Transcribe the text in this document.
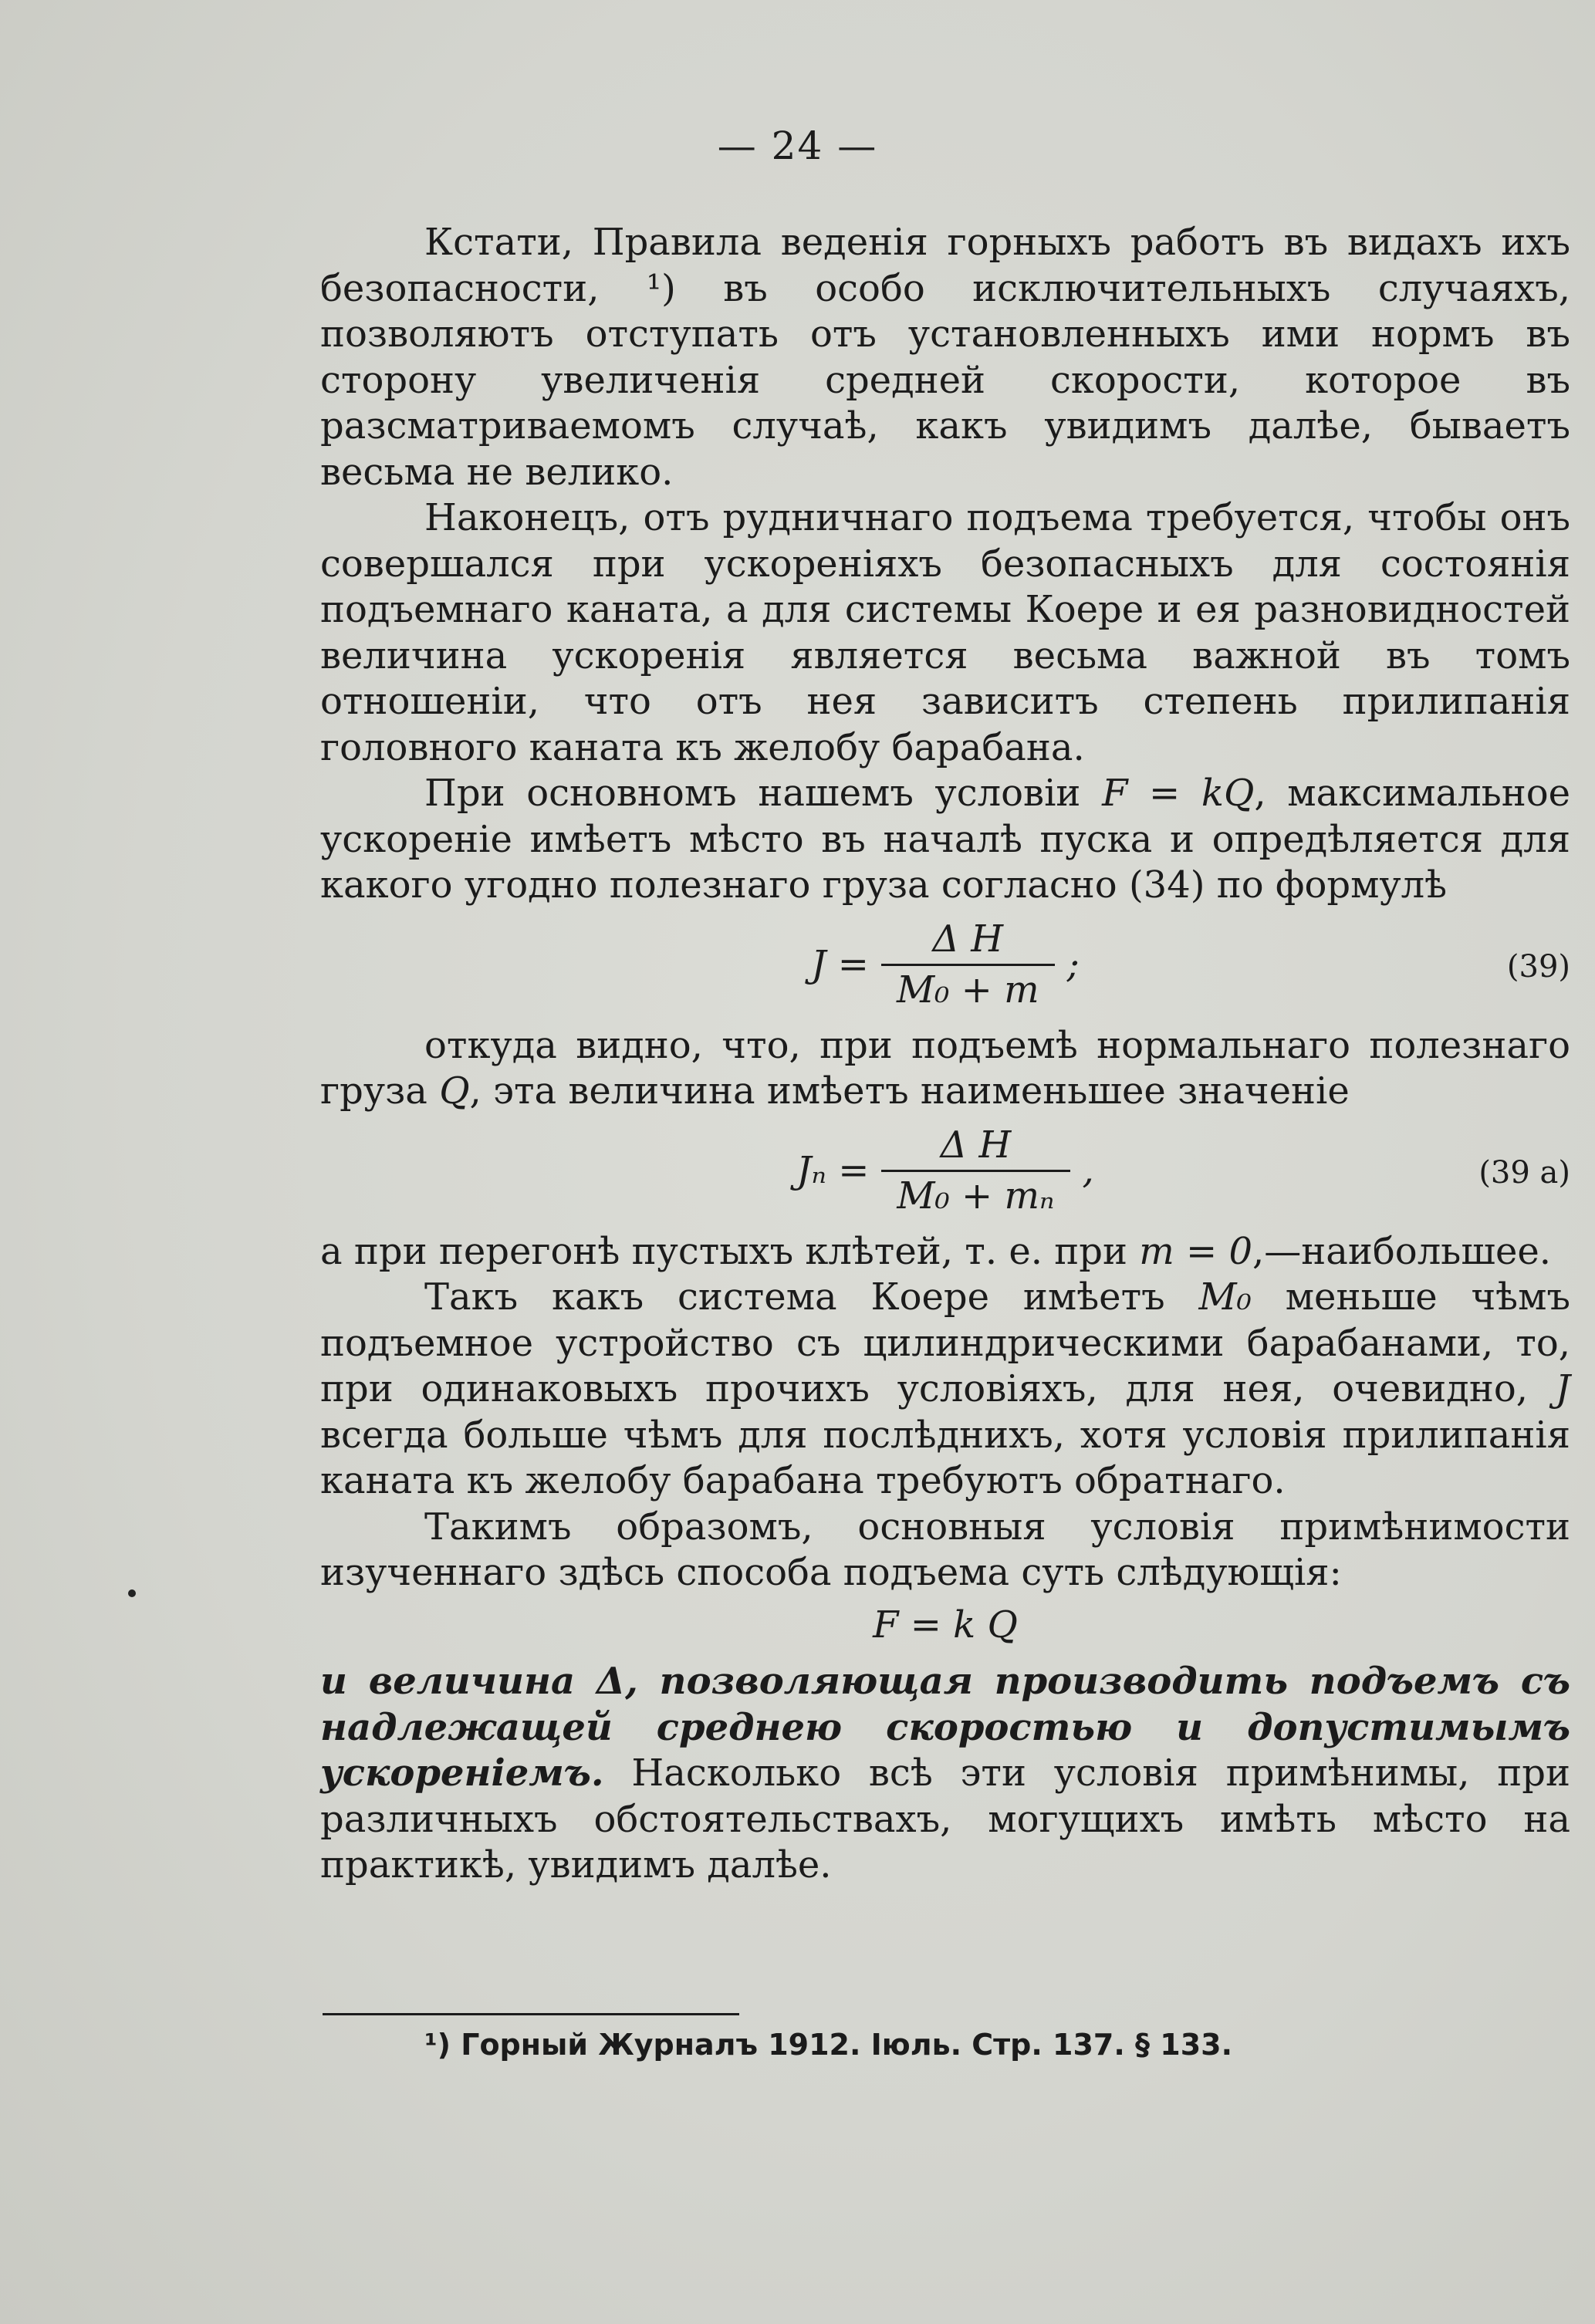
— 24 —

Кстати, Правила веденія горныхъ работъ въ видахъ ихъ безопасности, ¹) въ особо исключительныхъ случаяхъ, позволяютъ отступать отъ установленныхъ ими нормъ въ сторону увеличенія средней скорости, которое въ разсматриваемомъ случаѣ, какъ увидимъ далѣе, бываетъ весьма не велико.

Наконецъ, отъ рудничнаго подъема требуется, чтобы онъ совершался при ускореніяхъ безопасныхъ для состоянія подъемнаго каната, а для системы Коере и ея разновидностей величина ускоренія является весьма важной въ томъ отношеніи, что отъ нея зависитъ степень прилипанія головного каната къ желобу барабана.

При основномъ нашемъ условіи F = kQ, максимальное ускореніе имѣетъ мѣсто въ началѣ пуска и опредѣляется для какого угодно полезнаго груза согласно (34) по формулѣ

$J = \frac{\text{Δ H}}{\text{M₀ + m}}$ ;	(39)

откуда видно, что, при подъемѣ нормальнаго полезнаго груза Q, эта величина имѣетъ наименьшее значеніе

$J_n = \frac{\text{Δ H}}{\text{M₀ + mₙ}}$ ,	(39 а)

а при перегонѣ пустыхъ клѣтей, т. е. при m = 0,—наибольшее.

Такъ какъ система Коере имѣетъ M₀ меньше чѣмъ подъемное устройство съ цилиндрическими барабанами, то, при одинаковыхъ прочихъ условіяхъ, для нея, очевидно, J всегда больше чѣмъ для послѣднихъ, хотя условія прилипанія каната къ желобу барабана требуютъ обратнаго.

Такимъ образомъ, основныя условія примѣнимости изученнаго здѣсь способа подъема суть слѣдующія:

F = k Q

и величина Δ, позволяющая производить подъемъ съ надлежащей среднею скоростью и допустимымъ ускореніемъ. Насколько всѣ эти условія примѣнимы, при различныхъ обстоятельствахъ, могущихъ имѣть мѣсто на практикѣ, увидимъ далѣе.

¹) Горный Журналъ 1912. Іюль. Стр. 137. § 133.
